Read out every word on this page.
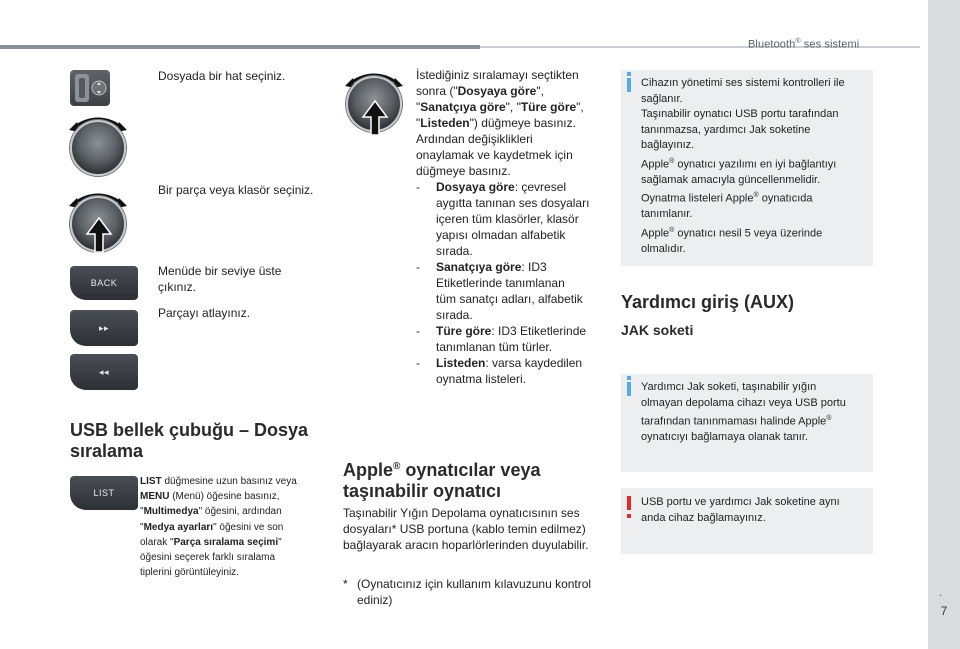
Bluetooth® ses sistemi
.
7
BACK
▸▸
◂◂
Dosyada bir hat seçiniz.
Bir parça veya klasör seçiniz.
Menüde bir seviye üste
çıkınız.
Parçayı atlayınız.
USB bellek çubuğu – Dosya
sıralama
LIST
LIST düğmesine uzun basınız veya
MENU (Menü) öğesine basınız,
"Multimedya" öğesini, ardından
"Medya ayarları" öğesini ve son
olarak "Parça sıralama seçimi"
öğesini seçerek farklı sıralama
tiplerini görüntüleyiniz.
İstediğiniz sıralamayı seçtikten
sonra ("Dosyaya göre",
"Sanatçıya göre", "Türe göre",
"Listeden") düğmeye basınız.
Ardından değişiklikleri
onaylamak ve kaydetmek için
düğmeye basınız.
- Dosyaya göre: çevresel
aygıtta tanınan ses dosyaları
içeren tüm klasörler, klasör
yapısı olmadan alfabetik
sırada.
- Sanatçıya göre: ID3
Etiketlerinde tanımlanan
tüm sanatçı adları, alfabetik
sırada.
- Türe göre: ID3 Etiketlerinde
tanımlanan tüm türler.
- Listeden: varsa kaydedilen
oynatma listeleri.
Apple® oynatıcılar veya
taşınabilir oynatıcı
Taşınabilir Yığın Depolama oynatıcısının ses
dosyaları* USB portuna (kablo temin edilmez)
bağlayarak aracın hoparlörlerinden duyulabilir.
* (Oynatıcınız için kullanım kılavuzunu kontrol
ediniz)
Cihazın yönetimi ses sistemi kontrolleri ile
sağlanır.
Taşınabilir oynatıcı USB portu tarafından
tanınmazsa, yardımcı Jak soketine
bağlayınız.
Apple® oynatıcı yazılımı en iyi bağlantıyı
sağlamak amacıyla güncellenmelidir.
Oynatma listeleri Apple® oynatıcıda
tanımlanır.
Apple® oynatıcı nesil 5 veya üzerinde
olmalıdır.
Yardımcı giriş (AUX)
JAK soketi
Yardımcı Jak soketi, taşınabilir yığın
olmayan depolama cihazı veya USB portu
tarafından tanınmaması halinde Apple®
oynatıcıyı bağlamaya olanak tanır.
USB portu ve yardımcı Jak soketine aynı
anda cihaz bağlamayınız.
